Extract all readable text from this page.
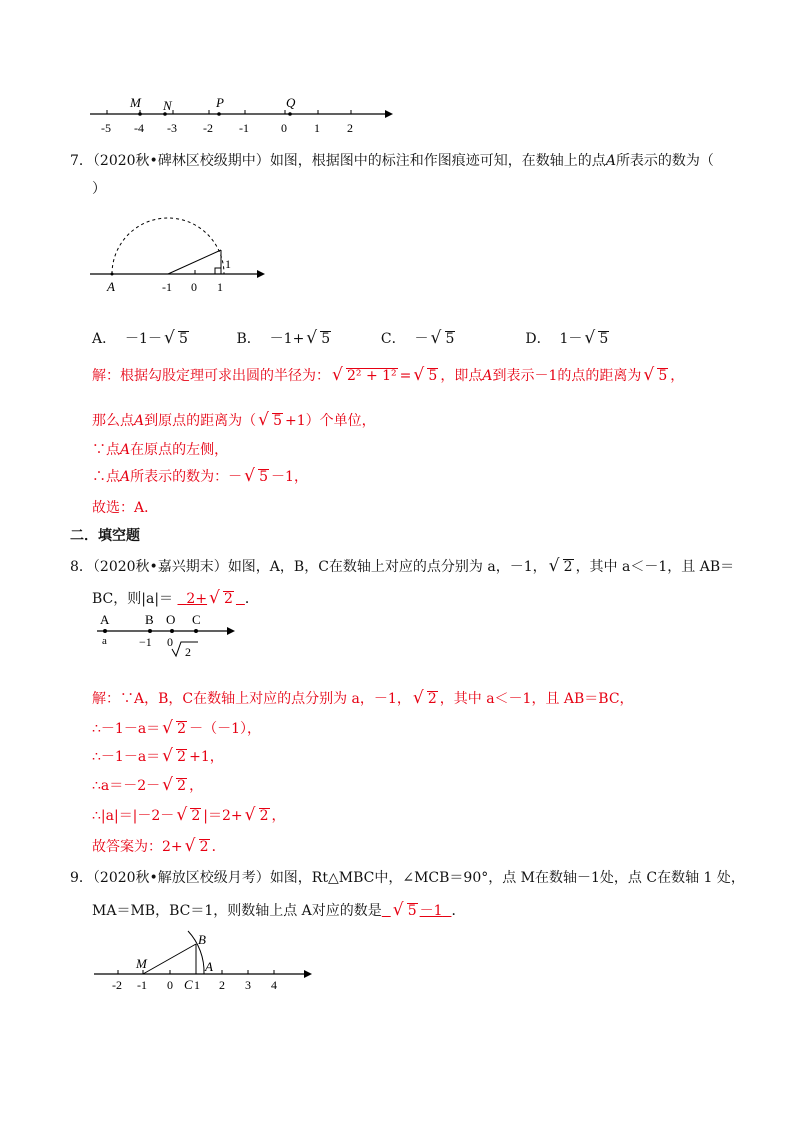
M N	P	Q
-5 -4 -3 -2 -1	0 1 2
7．（2020秋•碑林区校级期中）如图，根据图中的标注和作图痕迹可知，在数轴上的点A所表示的数为（
）
A	-1 0 1
1
A． －1－ √ 5	B． －1+ √ 5	C． － √ 5	D． 1－ √ 5
解：根据勾股定理可求出圆的半径为： √ 2² + 1² = √ 5 ，即点A到表示－1的点的距离为 √ 5 ，
那么点A到原点的距离为（ √ 5 +1）个单位，
∵点A在原点的左侧，
∴点A所表示的数为：－ √ 5 －1，
故选：A．
二．填空题
8．（2020秋•嘉兴期末）如图，A，B，C在数轴上对应的点分别为 a，－1， √ 2 ，其中 a＜－1，且 AB＝
BC，则|a|＝ 2+ √ 2 ．
A	B O C
a	−1 0
2
解：∵A，B，C在数轴上对应的点分别为 a，－1， √ 2 ，其中 a＜－1，且 AB＝BC，
∴－1－a＝ √ 2 －（－1），
∴－1－a＝ √ 2 +1，
∴a＝－2－ √ 2 ，
∴|a|＝|－2－ √ 2 |＝2+ √ 2 ，
故答案为：2+ √ 2 ．
9．（2020秋•解放区校级月考）如图，Rt△MBC中，∠MCB＝90°，点 M在数轴－1处，点 C在数轴 1 处，
MA＝MB，BC＝1，则数轴上点 A对应的数是 √ 5 －1 ．
M
B
A
-2 -1 0 C 1 2 3 4
